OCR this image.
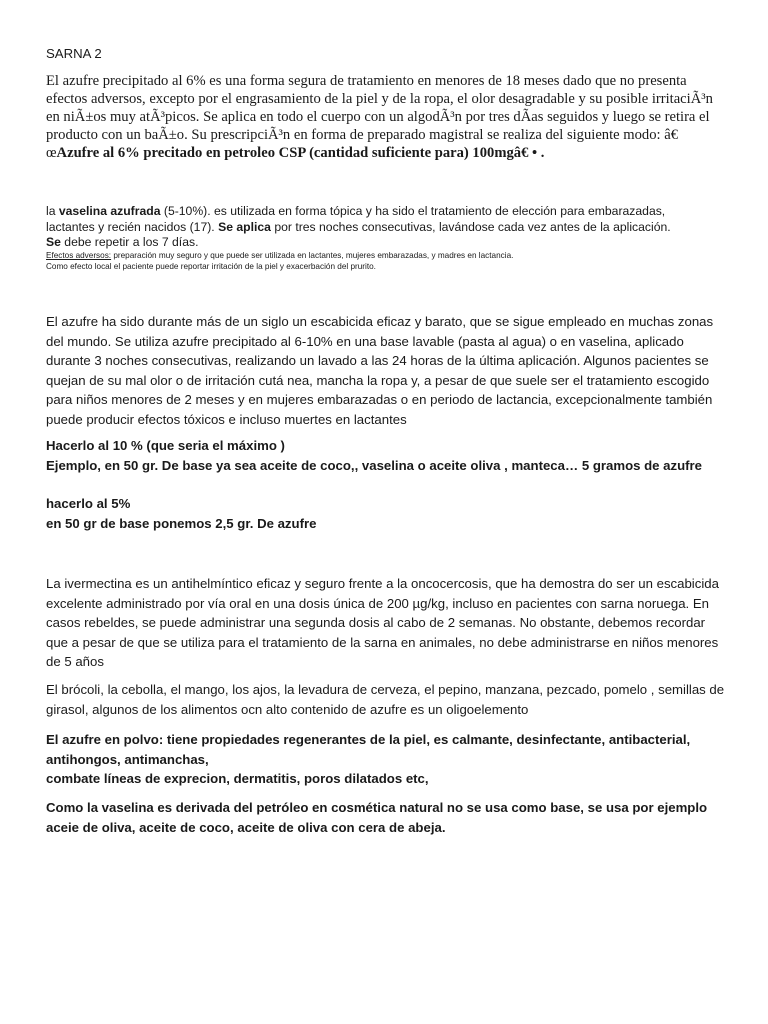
SARNA 2

El azufre precipitado al 6% es una forma segura de tratamiento en menores de 18 meses dado que no presenta efectos adversos, excepto por el engrasamiento de la piel y de la ropa, el olor desagradable y su posible irritaciÃ³n en niÃ±os muy atÃ³picos. Se aplica en todo el cuerpo con un algodÃ³n por tres dÃas seguidos y luego se retira el producto con un baÃ±o. Su prescripciÃ³n en forma de preparado magistral se realiza del siguiente modo: â€ œAzufre al 6% precitado en petroleo CSP (cantidad suficiente para) 100mgâ€ • .

la vaselina azufrada (5-10%). es utilizada en forma tópica y ha sido el tratamiento de elección para embarazadas, lactantes y recién nacidos (17). Se aplica por tres noches consecutivas, lavándose cada vez antes de la aplicación. Se debe repetir a los 7 días.

Efectos adversos: preparación muy seguro y que puede ser utilizada en lactantes, mujeres embarazadas, y madres en lactancia.

Como efecto local el paciente puede reportar irritación de la piel y exacerbación del prurito.

El azufre ha sido durante más de un siglo un escabicida eficaz y barato, que se sigue empleado en muchas zonas del mundo. Se utiliza azufre precipitado al 6-10% en una base lavable (pasta al agua) o en vaselina, aplicado durante 3 noches consecutivas, realizando un lavado a las 24 horas de la última aplicación. Algunos pacientes se quejan de su mal olor o de irritación cutá nea, mancha la ropa y, a pesar de que suele ser el tratamiento escogido para niños menores de 2 meses y en mujeres embarazadas o en periodo de lactancia, excepcionalmente también puede producir efectos tóxicos e incluso muertes en lactantes

Hacerlo al 10 % (que seria el máximo )

Ejemplo, en 50 gr. De base ya sea aceite de coco,, vaselina o aceite oliva , manteca… 5 gramos de azufre

hacerlo al 5%

en 50 gr de base ponemos 2,5 gr. De azufre

La ivermectina es un antihelmíntico eficaz y seguro frente a la oncocercosis, que ha demostra do ser un escabicida excelente administrado por vía oral en una dosis única de 200 µg/kg, incluso en pacientes con sarna noruega. En casos rebeldes, se puede administrar una segunda dosis al cabo de 2 semanas. No obstante, debemos recordar que a pesar de que se utiliza para el tratamiento de la sarna en animales, no debe administrarse en niños menores de 5 años

El brócoli, la cebolla, el mango, los ajos, la levadura de cerveza, el pepino, manzana, pezcado, pomelo , semillas de girasol, algunos de los alimentos ocn alto contenido de azufre es un oligoelemento

El azufre en polvo: tiene propiedades regenerantes de la piel, es calmante, desinfectante, antibacterial, antihongos, antimanchas,

combate líneas de exprecion, dermatitis, poros dilatados etc,

Como la vaselina es derivada del petróleo en cosmética natural no se usa como base, se usa por ejemplo aceie de oliva, aceite de coco, aceite de oliva con cera de abeja.
